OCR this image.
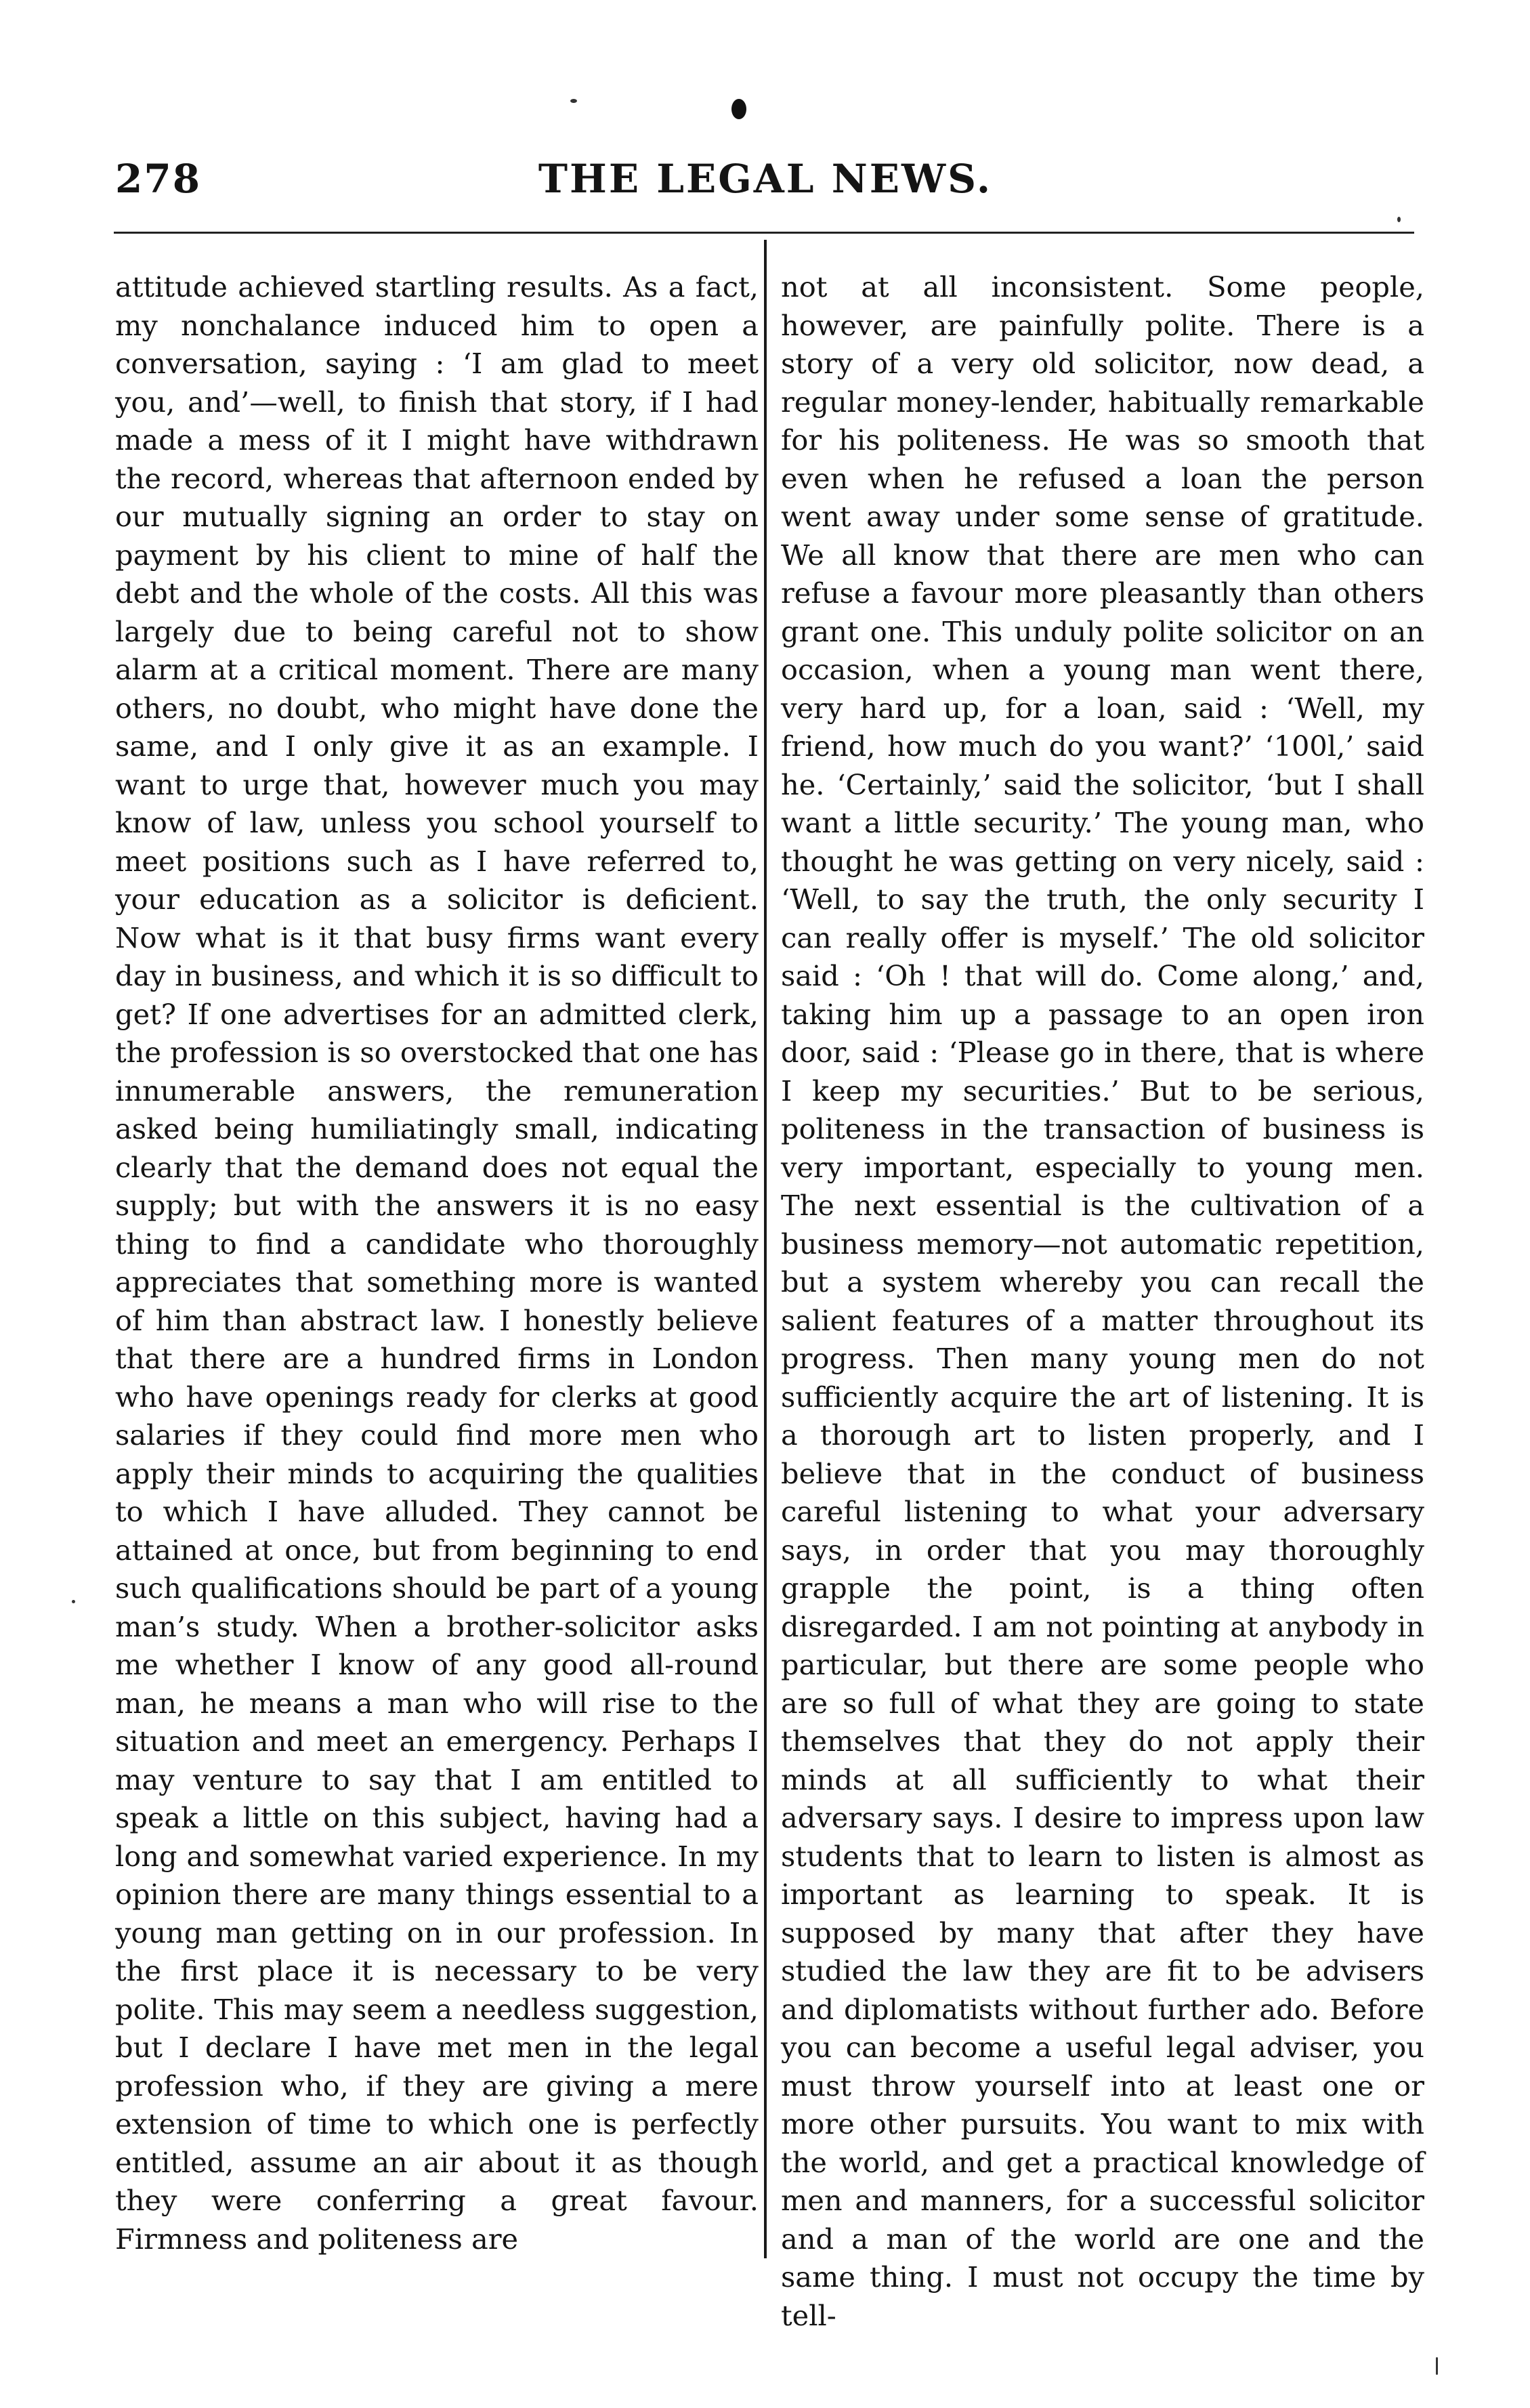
278	THE LEGAL NEWS.

attitude achieved startling results. As a fact, my nonchalance induced him to open a conversation, saying : ‘I am glad to meet you, and’—well, to finish that story, if I had made a mess of it I might have withdrawn the record, whereas that afternoon ended by our mutually signing an order to stay on payment by his client to mine of half the debt and the whole of the costs. All this was largely due to being careful not to show alarm at a critical moment. There are many others, no doubt, who might have done the same, and I only give it as an example. I want to urge that, however much you may know of law, unless you school yourself to meet positions such as I have referred to, your education as a solicitor is deficient. Now what is it that busy firms want every day in business, and which it is so difficult to get? If one advertises for an admitted clerk, the profession is so overstocked that one has innumerable answers, the remuneration asked being humiliatingly small, indicating clearly that the demand does not equal the supply; but with the answers it is no easy thing to find a candidate who thoroughly appreciates that something more is wanted of him than abstract law. I honestly believe that there are a hundred firms in London who have openings ready for clerks at good salaries if they could find more men who apply their minds to acquiring the qualities to which I have alluded. They cannot be attained at once, but from beginning to end such qualifications should be part of a young man’s study. When a brother-solicitor asks me whether I know of any good all-round man, he means a man who will rise to the situation and meet an emergency. Perhaps I may venture to say that I am entitled to speak a little on this subject, having had a long and somewhat varied experience. In my opinion there are many things essential to a young man getting on in our profession. In the first place it is necessary to be very polite. This may seem a needless suggestion, but I declare I have met men in the legal profession who, if they are giving a mere extension of time to which one is perfectly entitled, assume an air about it as though they were conferring a great favour. Firmness and politeness are

not at all inconsistent. Some people, however, are painfully polite. There is a story of a very old solicitor, now dead, a regular money-lender, habitually remarkable for his politeness. He was so smooth that even when he refused a loan the person went away under some sense of gratitude. We all know that there are men who can refuse a favour more pleasantly than others grant one. This unduly polite solicitor on an occasion, when a young man went there, very hard up, for a loan, said : ‘Well, my friend, how much do you want?’ ‘100l,’ said he. ‘Certainly,’ said the solicitor, ‘but I shall want a little security.’ The young man, who thought he was getting on very nicely, said : ‘Well, to say the truth, the only security I can really offer is myself.’ The old solicitor said : ‘Oh ! that will do. Come along,’ and, taking him up a passage to an open iron door, said : ‘Please go in there, that is where I keep my securities.’ But to be serious, politeness in the transaction of business is very important, especially to young men. The next essential is the cultivation of a business memory—not automatic repetition, but a system whereby you can recall the salient features of a matter throughout its progress. Then many young men do not sufficiently acquire the art of listening. It is a thorough art to listen properly, and I believe that in the conduct of business careful listening to what your adversary says, in order that you may thoroughly grapple the point, is a thing often disregarded. I am not pointing at anybody in particular, but there are some people who are so full of what they are going to state themselves that they do not apply their minds at all sufficiently to what their adversary says. I desire to impress upon law students that to learn to listen is almost as important as learning to speak. It is supposed by many that after they have studied the law they are fit to be advisers and diplomatists without further ado. Before you can become a useful legal adviser, you must throw yourself into at least one or more other pursuits. You want to mix with the world, and get a practical knowledge of men and manners, for a successful solicitor and a man of the world are one and the same thing. I must not occupy the time by tell-
